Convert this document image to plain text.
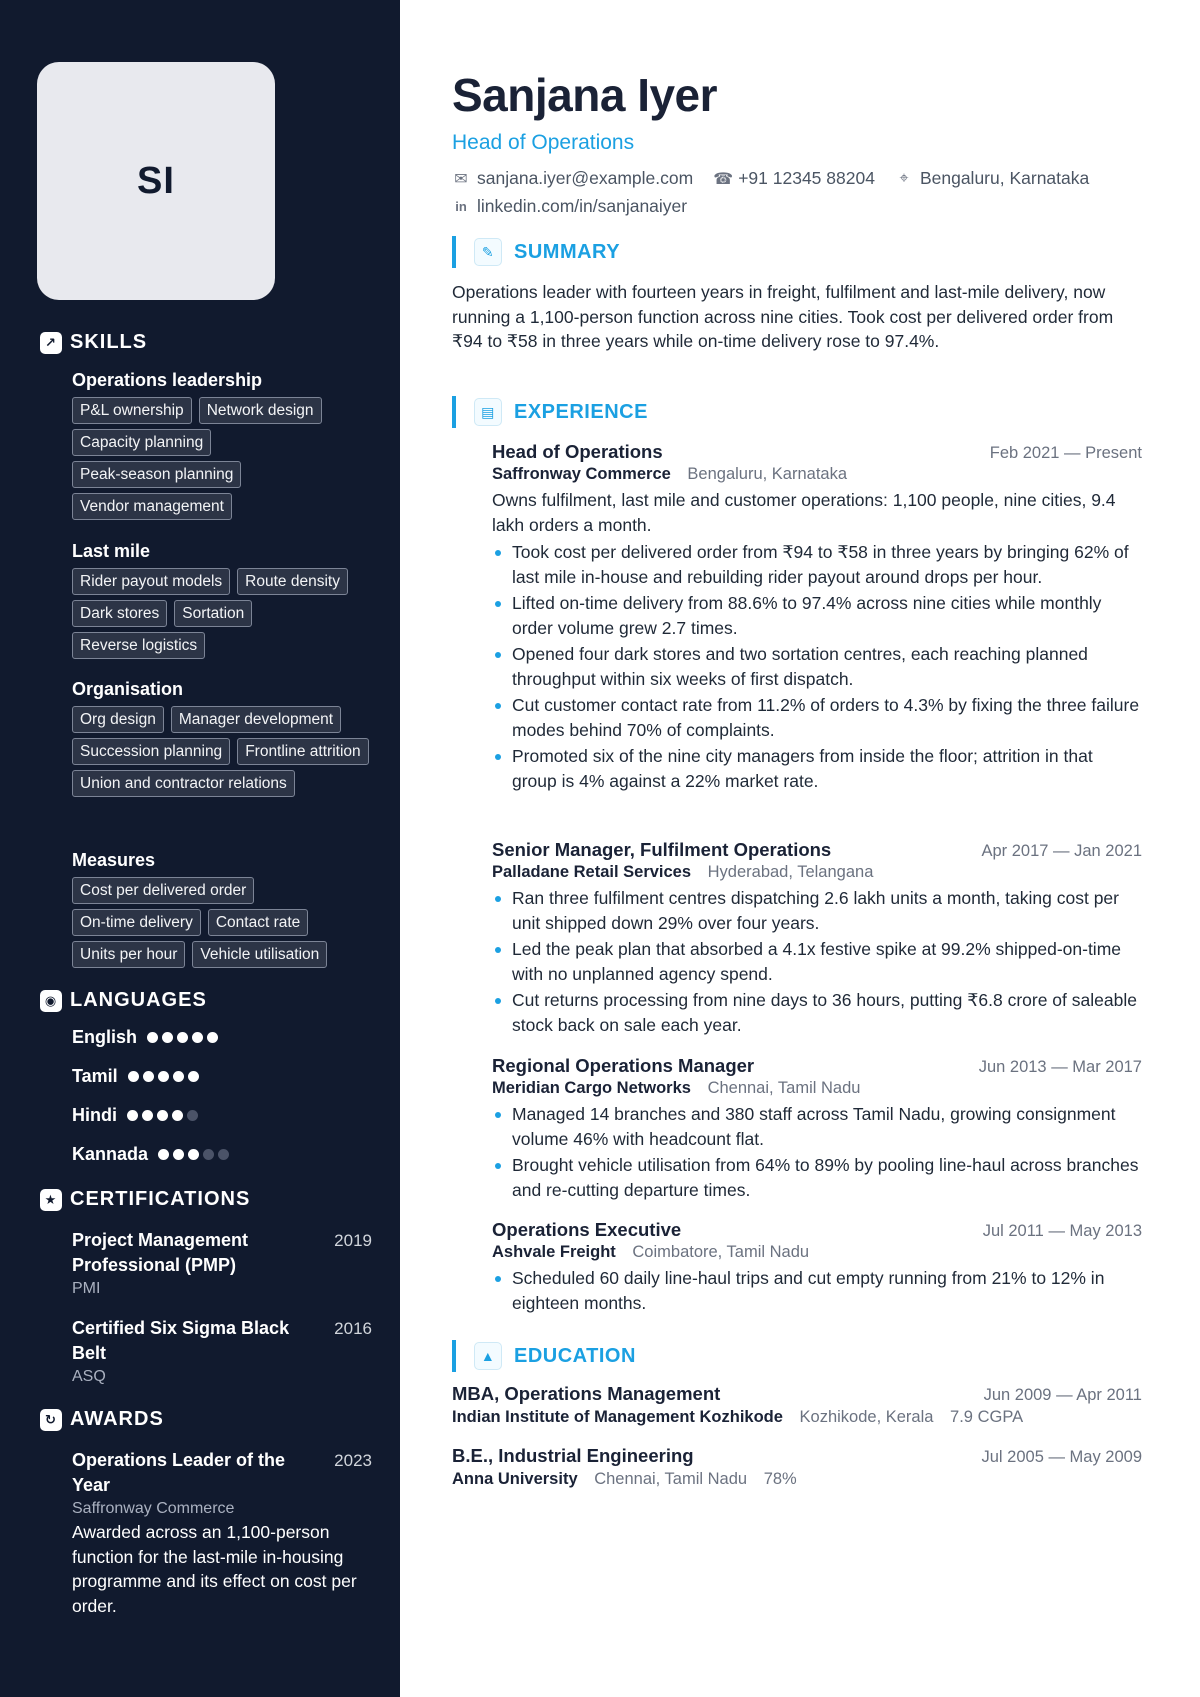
SI
↗ SKILLS
Operations leadership
P&L ownership	Network design
Capacity planning
Peak-season planning
Vendor management
Last mile
Rider payout models	Route density
Dark stores	Sortation
Reverse logistics
Organisation
Org design	Manager development
Succession planning	Frontline attrition
Union and contractor relations
Measures
Cost per delivered order
On-time delivery	Contact rate
Units per hour	Vehicle utilisation
◉ LANGUAGES
English
Tamil
Hindi
Kannada
★ CERTIFICATIONS
Project Management Professional (PMP)
2019
PMI
Certified Six Sigma Black Belt
2016
ASQ
↻ AWARDS
Operations Leader of the Year
2023
Saffronway Commerce
Awarded across an 1,100-person function for the last-mile in-housing programme and its effect on cost per order.
Sanjana Iyer
Head of Operations
✉ sanjana.iyer@example.com ☎ +91 12345 88204 ⌖ Bengaluru, Karnataka
in linkedin.com/in/sanjanaiyer
✎ SUMMARY
Operations leader with fourteen years in freight, fulfilment and last-mile delivery, now running a 1,100-person function across nine cities. Took cost per delivered order from ₹94 to ₹58 in three years while on-time delivery rose to 97.4%.
▤ EXPERIENCE
Head of Operations	Feb 2021 — Present
Saffronway Commerce Bengaluru, Karnataka
Owns fulfilment, last mile and customer operations: 1,100 people, nine cities, 9.4 lakh orders a month.
Took cost per delivered order from ₹94 to ₹58 in three years by bringing 62% of last mile in-house and rebuilding rider payout around drops per hour.
Lifted on-time delivery from 88.6% to 97.4% across nine cities while monthly order volume grew 2.7 times.
Opened four dark stores and two sortation centres, each reaching planned throughput within six weeks of first dispatch.
Cut customer contact rate from 11.2% of orders to 4.3% by fixing the three failure modes behind 70% of complaints.
Promoted six of the nine city managers from inside the floor; attrition in that group is 4% against a 22% market rate.
Senior Manager, Fulfilment Operations	Apr 2017 — Jan 2021
Palladane Retail Services Hyderabad, Telangana
Ran three fulfilment centres dispatching 2.6 lakh units a month, taking cost per unit shipped down 29% over four years.
Led the peak plan that absorbed a 4.1x festive spike at 99.2% shipped-on-time with no unplanned agency spend.
Cut returns processing from nine days to 36 hours, putting ₹6.8 crore of saleable stock back on sale each year.
Regional Operations Manager	Jun 2013 — Mar 2017
Meridian Cargo Networks Chennai, Tamil Nadu
Managed 14 branches and 380 staff across Tamil Nadu, growing consignment volume 46% with headcount flat.
Brought vehicle utilisation from 64% to 89% by pooling line-haul across branches and re-cutting departure times.
Operations Executive	Jul 2011 — May 2013
Ashvale Freight Coimbatore, Tamil Nadu
Scheduled 60 daily line-haul trips and cut empty running from 21% to 12% in eighteen months.
▲ EDUCATION
MBA, Operations Management	Jun 2009 — Apr 2011
Indian Institute of Management Kozhikode Kozhikode, Kerala 7.9 CGPA
B.E., Industrial Engineering	Jul 2005 — May 2009
Anna University Chennai, Tamil Nadu 78%
